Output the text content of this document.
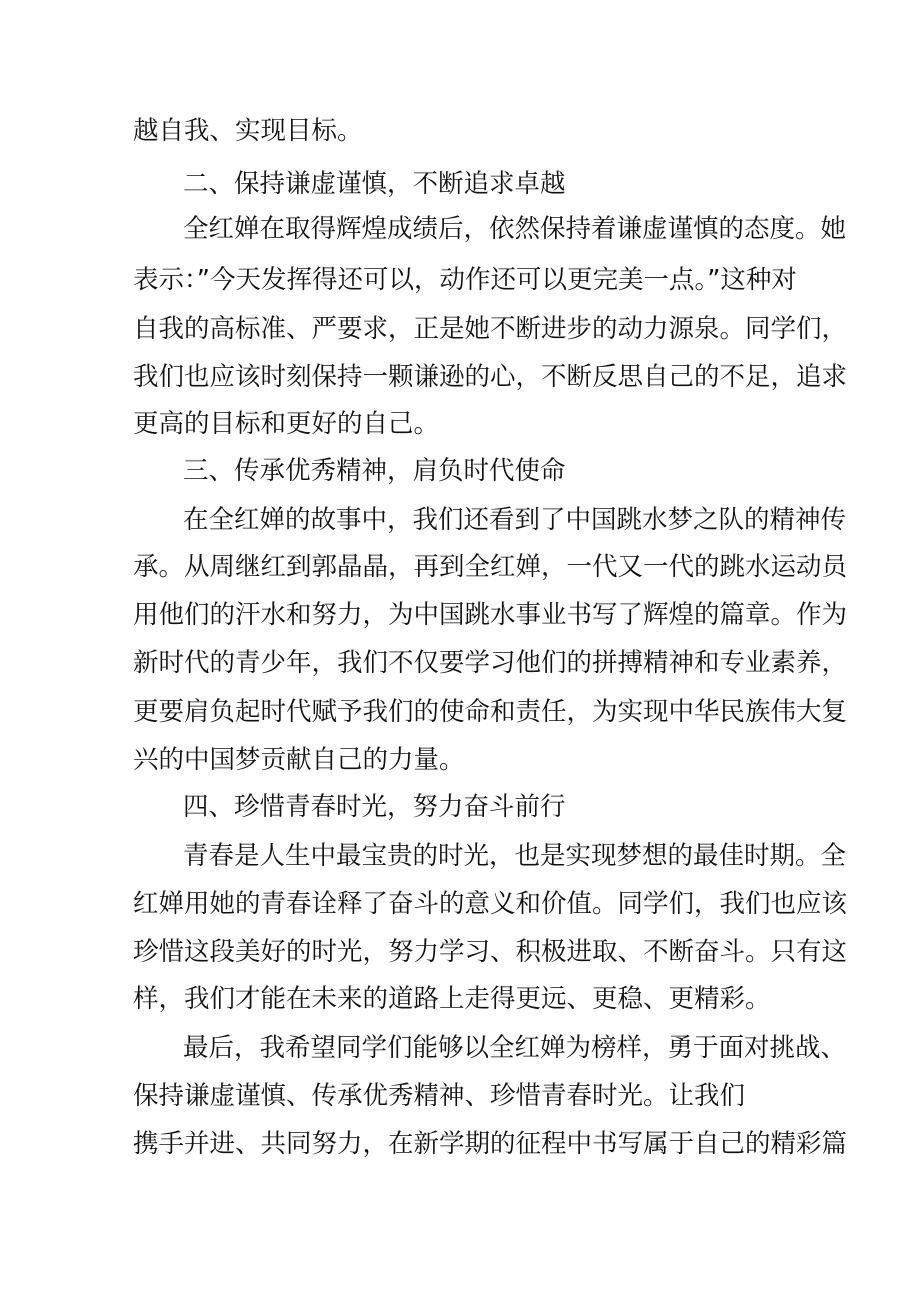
越自我、实现目标。
二、保持谦虚谨慎，不断追求卓越
全红婵在取得辉煌成绩后，依然保持着谦虚谨慎的态度。她
表示：”今天发挥得还可以，动作还可以更完美一点。”这种对
自我的高标准、严要求，正是她不断进步的动力源泉。同学们，
我们也应该时刻保持一颗谦逊的心，不断反思自己的不足，追求
更高的目标和更好的自己。
三、传承优秀精神，肩负时代使命
在全红婵的故事中，我们还看到了中国跳水梦之队的精神传
承。从周继红到郭晶晶，再到全红婵，一代又一代的跳水运动员
用他们的汗水和努力，为中国跳水事业书写了辉煌的篇章。作为
新时代的青少年，我们不仅要学习他们的拼搏精神和专业素养，
更要肩负起时代赋予我们的使命和责任，为实现中华民族伟大复
兴的中国梦贡献自己的力量。
四、珍惜青春时光，努力奋斗前行
青春是人生中最宝贵的时光，也是实现梦想的最佳时期。全
红婵用她的青春诠释了奋斗的意义和价值。同学们，我们也应该
珍惜这段美好的时光，努力学习、积极进取、不断奋斗。只有这
样，我们才能在未来的道路上走得更远、更稳、更精彩。
最后，我希望同学们能够以全红婵为榜样，勇于面对挑战、
保持谦虚谨慎、传承优秀精神、珍惜青春时光。让我们
携手并进、共同努力，在新学期的征程中书写属于自己的精彩篇
